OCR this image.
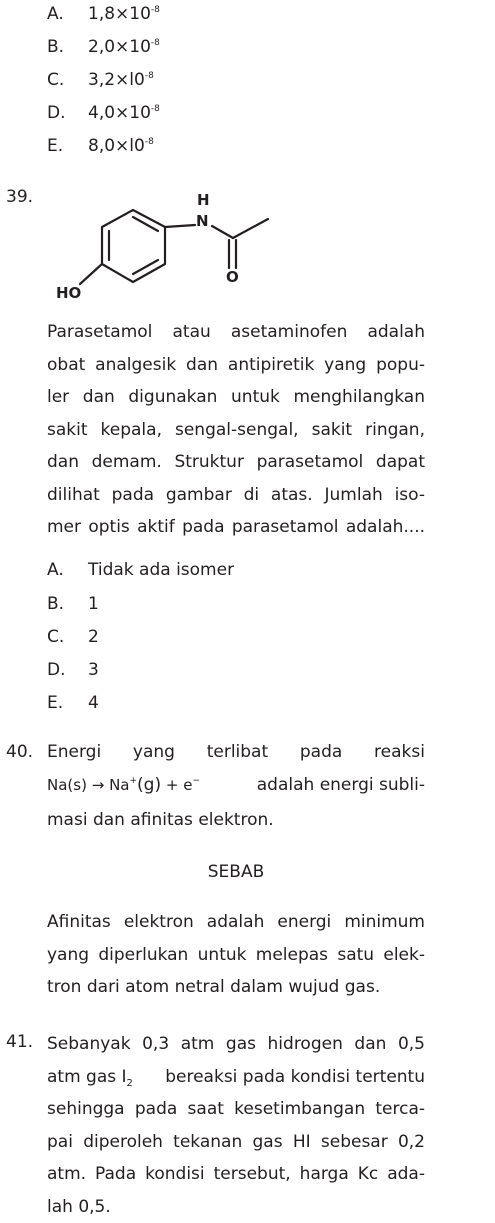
A. $1,8\times 10^{-8}$
B. $2,0\times 10^{-8}$
C. $3,2\times l0^{-8}$
D. $4,0\times 10^{-8}$
E. $8,0\times l0^{-8}$
39.	H
N
O
HO
Parasetamol atau asetaminofen adalah
obat analgesik dan antipiretik yang popu-
ler dan digunakan untuk menghilangkan
sakit kepala, sengal-sengal, sakit ringan,
dan demam. Struktur parasetamol dapat
dilihat pada gambar di atas. Jumlah iso-
mer optis aktif pada parasetamol adalah....
A. Tidak ada isomer
B. 1
C. 2
D. 3
E. 4
40. Energi yang terlibat pada reaksi
Na(s) → Na+(g) + e−	adalah energi subli-
masi dan afinitas elektron.
SEBAB
Afinitas elektron adalah energi minimum
yang diperlukan untuk melepas satu elek-
tron dari atom netral dalam wujud gas.
41. Sebanyak 0,3 atm gas hidrogen dan 0,5
atm gas $I_2$ bereaksi pada kondisi tertentu
sehingga pada saat kesetimbangan terca-
pai diperoleh tekanan gas HI sebesar 0,2
atm. Pada kondisi tersebut, harga Kc ada-
lah 0,5.
